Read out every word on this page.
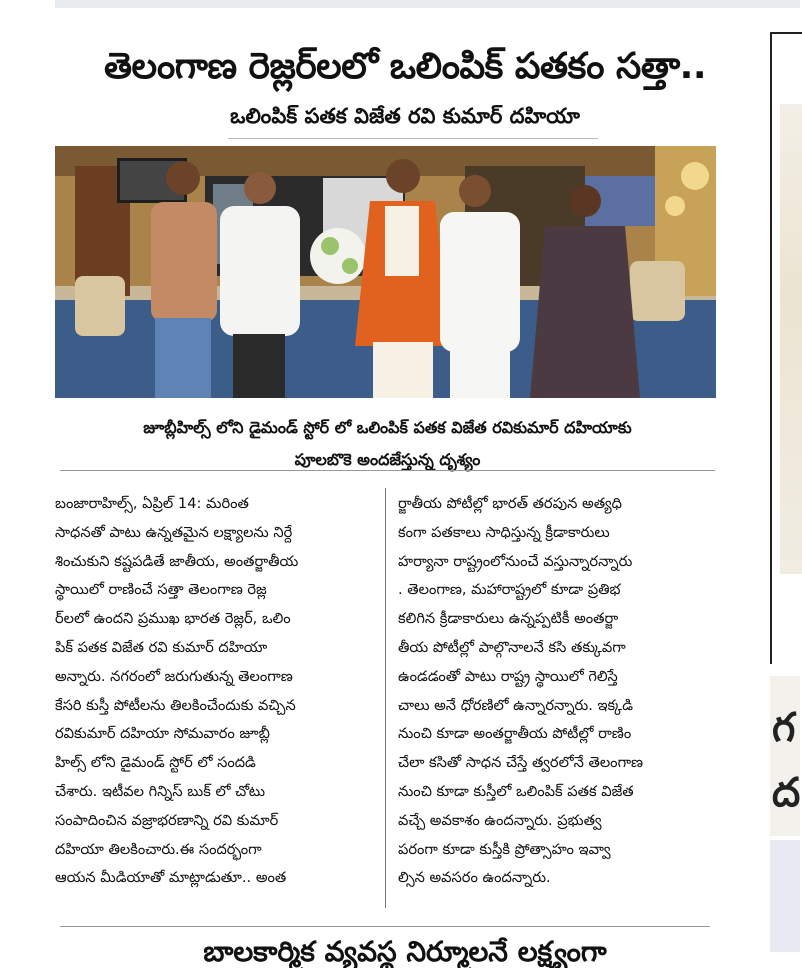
గ
ద
తెలంగాణ రెజ్లర్‌లలో ఒలింపిక్ పతకం సత్తా..
ఒలింపిక్ పతక విజేత రవి కుమార్ దహియా
జూబ్లీహిల్స్ లోని డైమండ్ స్టోర్ లో ఒలింపిక్ పతక విజేత రవికుమార్ దహియాకు
పూలబొకె అందజేస్తున్న దృశ్యం
బంజారాహిల్స్, ఏప్రిల్ 14: మరింత
సాధనతో పాటు ఉన్నతమైన లక్ష్యాలను నిర్దే
శించుకుని కష్టపడితే జాతీయ, అంతర్జాతీయ
స్థాయిలో రాణించే సత్తా తెలంగాణ రెజ్ల
ర్‌లలో ఉందని ప్రముఖ భారత రెజ్లర్, ఒలిం
పిక్ పతక విజేత రవి కుమార్ దహియా
అన్నారు. నగరంలో జరుగుతున్న తెలంగాణ
కేసరి కుస్తీ పోటీలను తిలకించేందుకు వచ్చిన
రవికుమార్ దహియా సోమవారం జూబ్లీ
హిల్స్ లోని డైమండ్ స్టోర్ లో సందడి
చేశారు. ఇటీవల గిన్నిస్ బుక్ లో చోటు
సంపాదించిన వజ్రాభరణాన్ని రవి కుమార్
దహియా తిలకించారు.ఈ సందర్భంగా
ఆయన మీడియాతో మాట్లాడుతూ.. అంత
ర్జాతీయ పోటీల్లో భారత్ తరపున అత్యధి
కంగా పతకాలు సాధిస్తున్న క్రీడాకారులు
హర్యానా రాష్ట్రంలోనుంచే వస్తున్నారన్నారు
. తెలంగాణ, మహారాష్ట్రలో కూడా ప్రతిభ
కలిగిన క్రీడాకారులు ఉన్నప్పటికీ అంతర్జా
తీయ పోటీల్లో పాల్గొనాలనే కసి తక్కువగా
ఉండడంతో పాటు రాష్ట్ర స్థాయిలో గెలిస్తే
చాలు అనే ధోరణిలో ఉన్నారన్నారు. ఇక్కడి
నుంచి కూడా అంతర్జాతీయ పోటీల్లో రాణిం
చేలా కసితో సాధన చేస్తే త్వరలోనే తెలంగాణ
నుంచి కూడా కుస్తీలో ఒలింపిక్ పతక విజేత
వచ్చే అవకాశం ఉందన్నారు. ప్రభుత్వ
పరంగా కూడా కుస్తీకి ప్రోత్సాహం ఇవ్వా
ల్సిన అవసరం ఉందన్నారు.
బాలకార్మిక వ్యవస్థ నిర్మూలనే లక్ష్యంగా
